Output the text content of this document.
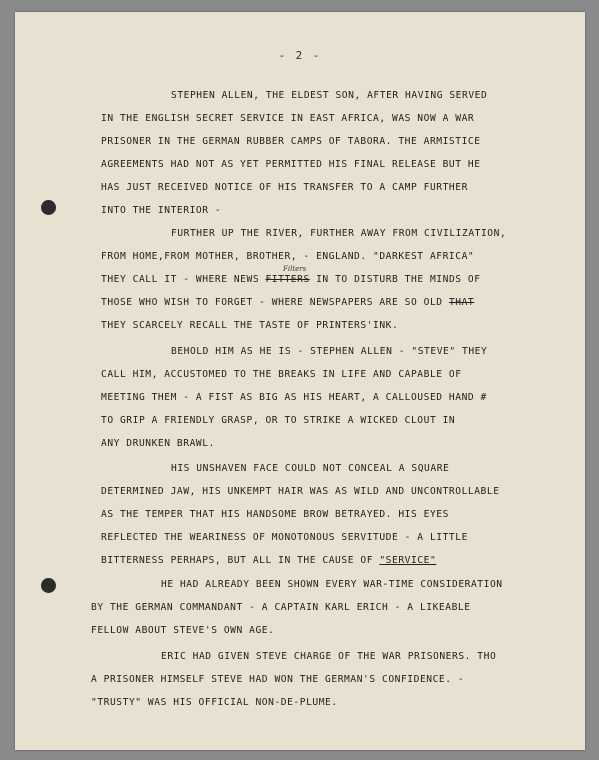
- 2 -
STEPHEN ALLEN, THE ELDEST SON, AFTER HAVING SERVED
IN THE ENGLISH SECRET SERVICE IN EAST AFRICA, WAS NOW A WAR
PRISONER IN THE GERMAN RUBBER CAMPS OF TABORA. THE ARMISTICE
AGREEMENTS HAD NOT AS YET PERMITTED HIS FINAL RELEASE BUT HE
HAS JUST RECEIVED NOTICE OF HIS TRANSFER TO A CAMP FURTHER
INTO THE INTERIOR -
FURTHER UP THE RIVER, FURTHER AWAY FROM CIVILIZATION,
FROM HOME,FROM MOTHER, BROTHER, - ENGLAND. "DARKEST AFRICA"
THEY CALL IT - WHERE NEWS FITTERS IN TO DISTURB THE MINDS OF
Filters
THOSE WHO WISH TO FORGET - WHERE NEWSPAPERS ARE SO OLD THAT
THEY SCARCELY RECALL THE TASTE OF PRINTERS'INK.
BEHOLD HIM AS HE IS - STEPHEN ALLEN - "STEVE" THEY
CALL HIM, ACCUSTOMED TO THE BREAKS IN LIFE AND CAPABLE OF
MEETING THEM - A FIST AS BIG AS HIS HEART, A CALLOUSED HAND #
TO GRIP A FRIENDLY GRASP, OR TO STRIKE A WICKED CLOUT IN
ANY DRUNKEN BRAWL.
HIS UNSHAVEN FACE COULD NOT CONCEAL A SQUARE
DETERMINED JAW, HIS UNKEMPT HAIR WAS AS WILD AND UNCONTROLLABLE
AS THE TEMPER THAT HIS HANDSOME BROW BETRAYED. HIS EYES
REFLECTED THE WEARINESS OF MONOTONOUS SERVITUDE - A LITTLE
BITTERNESS PERHAPS, BUT ALL IN THE CAUSE OF "SERVICE"
HE HAD ALREADY BEEN SHOWN EVERY WAR-TIME CONSIDERATION
BY THE GERMAN COMMANDANT - A CAPTAIN KARL ERICH - A LIKEABLE
FELLOW ABOUT STEVE'S OWN AGE.
ERIC HAD GIVEN STEVE CHARGE OF THE WAR PRISONERS. THO
A PRISONER HIMSELF STEVE HAD WON THE GERMAN'S CONFIDENCE. -
"TRUSTY" WAS HIS OFFICIAL NON-DE-PLUME.
